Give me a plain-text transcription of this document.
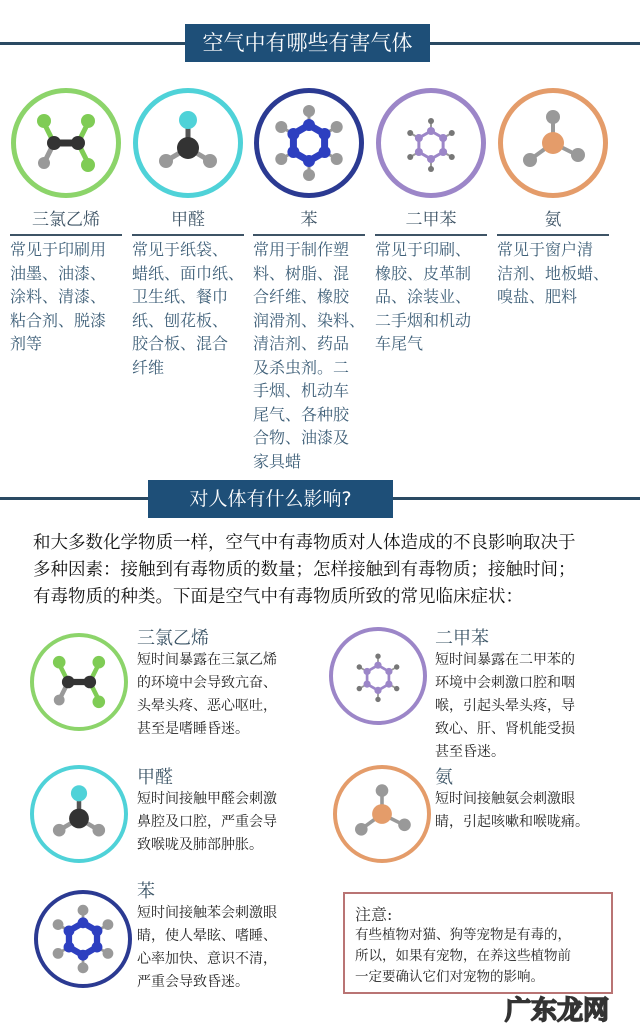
空气中有哪些有害气体
三氯乙烯
常见于印刷用
油墨、油漆、
涂料、清漆、
粘合剂、脱漆
剂等
甲醛
常见于纸袋、
蜡纸、面巾纸、
卫生纸、餐巾
纸、刨花板、
胶合板、混合
纤维
苯
常用于制作塑
料、树脂、混
合纤维、橡胶
润滑剂、染料、
清洁剂、药品
及杀虫剂。二
手烟、机动车
尾气、各种胶
合物、油漆及
家具蜡
二甲苯
常见于印刷、
橡胶、皮革制
品、涂装业、
二手烟和机动
车尾气
氨
常见于窗户清
洁剂、地板蜡、
嗅盐、肥料
对人体有什么影响?
和大多数化学物质一样，空气中有毒物质对人体造成的不良影响取决于
多种因素：接触到有毒物质的数量；怎样接触到有毒物质；接触时间；
有毒物质的种类。下面是空气中有毒物质所致的常见临床症状：
三氯乙烯
短时间暴露在三氯乙烯
的环境中会导致亢奋、
头晕头疼、恶心呕吐，
甚至是嗜睡昏迷。
二甲苯
短时间暴露在二甲苯的
环境中会刺激口腔和咽
喉，引起头晕头疼，导
致心、肝、肾机能受损
甚至昏迷。
甲醛
短时间接触甲醛会刺激
鼻腔及口腔，严重会导
致喉咙及肺部肿胀。
氨
短时间接触氨会刺激眼
睛，引起咳嗽和喉咙痛。
苯
短时间接触苯会刺激眼
睛，使人晕眩、嗜睡、
心率加快、意识不清，
严重会导致昏迷。
注意:
有些植物对猫、狗等宠物是有毒的，
所以，如果有宠物，在养这些植物前
一定要确认它们对宠物的影响。
广东龙网
